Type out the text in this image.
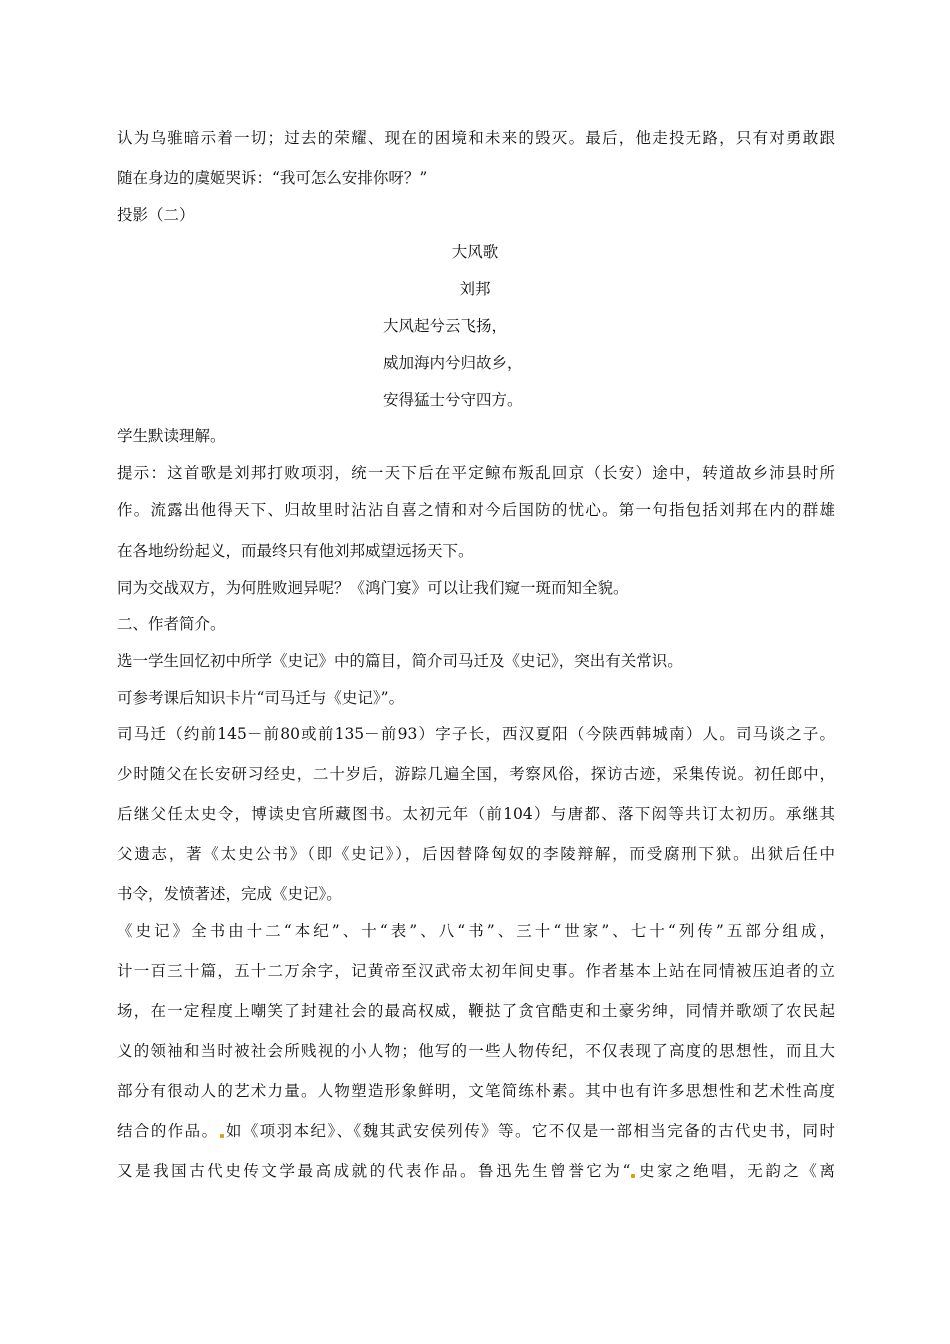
认为乌骓暗示着一切；过去的荣耀、现在的困境和未来的毁灭。最后，他走投无路，只有对勇敢跟
随在身边的虞姬哭诉：“我可怎么安排你呀？”
投影（二）
大风歌
刘邦
大风起兮云飞扬，
威加海内兮归故乡，
安得猛士兮守四方。
学生默读理解。
提示：这首歌是刘邦打败项羽，统一天下后在平定鲸布叛乱回京（长安）途中，转道故乡沛县时所
作。流露出他得天下、归故里时沾沾自喜之情和对今后国防的忧心。第一句指包括刘邦在内的群雄
在各地纷纷起义，而最终只有他刘邦威望远扬天下。
同为交战双方，为何胜败迥异呢？《鸿门宴》可以让我们窥一斑而知全貌。
二、作者简介。
选一学生回忆初中所学《史记》中的篇目，简介司马迁及《史记》，突出有关常识。
可参考课后知识卡片“司马迁与《史记》”。
司马迁（约前145－前80或前135－前93）字子长，西汉夏阳（今陕西韩城南）人。司马谈之子。
少时随父在长安研习经史，二十岁后，游踪几遍全国，考察风俗，探访古迹，采集传说。初任郎中，
后继父任太史令，博读史官所藏图书。太初元年（前104）与唐都、落下闳等共订太初历。承继其
父遗志，著《太史公书》（即《史记》），后因替降匈奴的李陵辩解，而受腐刑下狱。出狱后任中
书令，发愤著述，完成《史记》。
《史记》全书由十二“本纪”、十“表”、八“书”、三十“世家”、七十“列传”五部分组成，
计一百三十篇，五十二万余字，记黄帝至汉武帝太初年间史事。作者基本上站在同情被压迫者的立
场，在一定程度上嘲笑了封建社会的最高权威，鞭挞了贪官酷吏和土豪劣绅，同情并歌颂了农民起
义的领袖和当时被社会所贱视的小人物；他写的一些人物传纪，不仅表现了高度的思想性，而且大
部分有很动人的艺术力量。人物塑造形象鲜明，文笔简练朴素。其中也有许多思想性和艺术性高度
结合的作品。 如《项羽本纪》、《魏其武安侯列传》等。它不仅是一部相当完备的古代史书，同时
又是我国古代史传文学最高成就的代表作品。鲁迅先生曾誉它为“ 史家之绝唱，无韵之《离
